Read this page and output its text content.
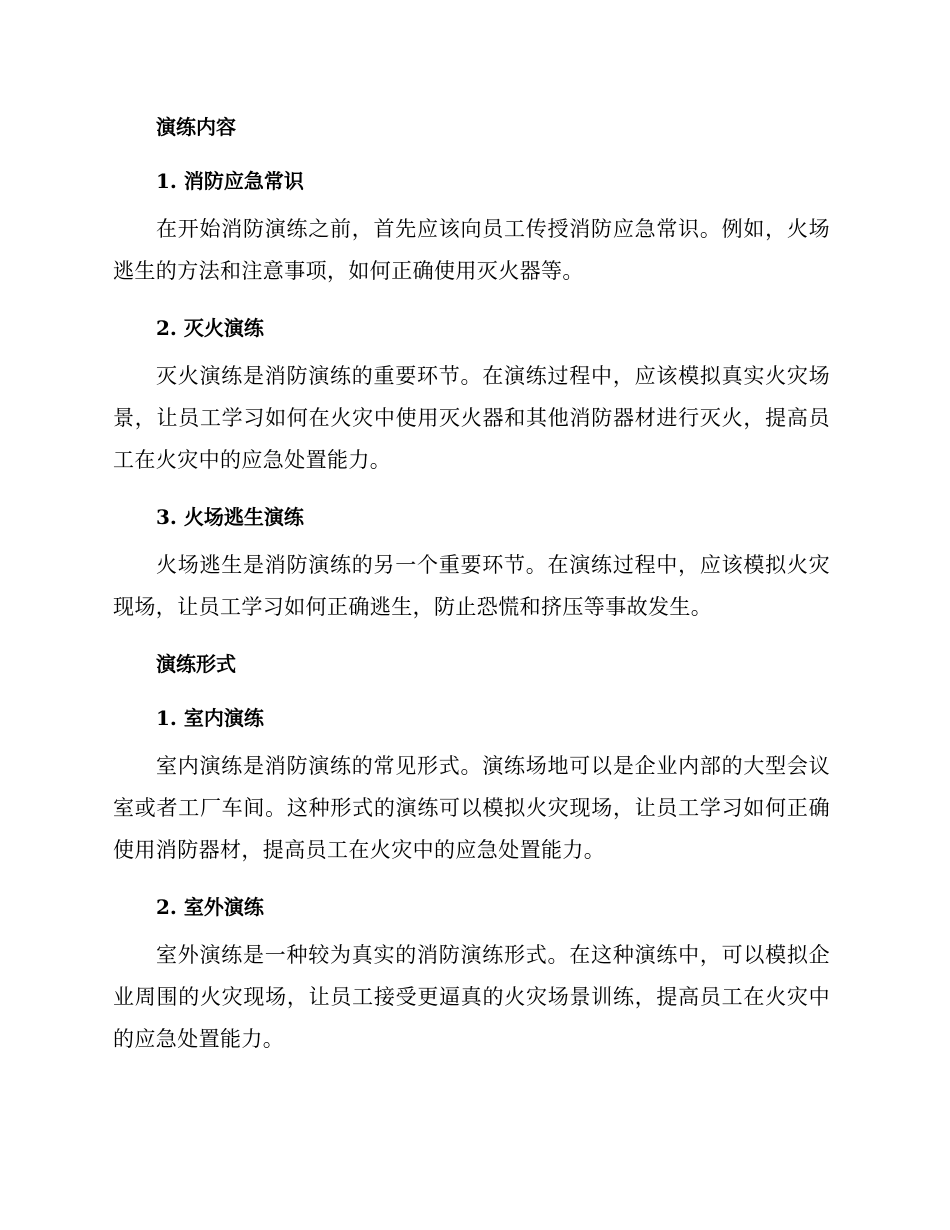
演练内容
1. 消防应急常识

在开始消防演练之前，首先应该向员工传授消防应急常识。例如，火场逃生的方法和注意事项，如何正确使用灭火器等。

2. 灭火演练

灭火演练是消防演练的重要环节。在演练过程中，应该模拟真实火灾场景，让员工学习如何在火灾中使用灭火器和其他消防器材进行灭火，提高员工在火灾中的应急处置能力。

3. 火场逃生演练

火场逃生是消防演练的另一个重要环节。在演练过程中，应该模拟火灾现场，让员工学习如何正确逃生，防止恐慌和挤压等事故发生。

演练形式
1. 室内演练

室内演练是消防演练的常见形式。演练场地可以是企业内部的大型会议室或者工厂车间。这种形式的演练可以模拟火灾现场，让员工学习如何正确使用消防器材，提高员工在火灾中的应急处置能力。

2. 室外演练

室外演练是一种较为真实的消防演练形式。在这种演练中，可以模拟企业周围的火灾现场，让员工接受更逼真的火灾场景训练，提高员工在火灾中的应急处置能力。
